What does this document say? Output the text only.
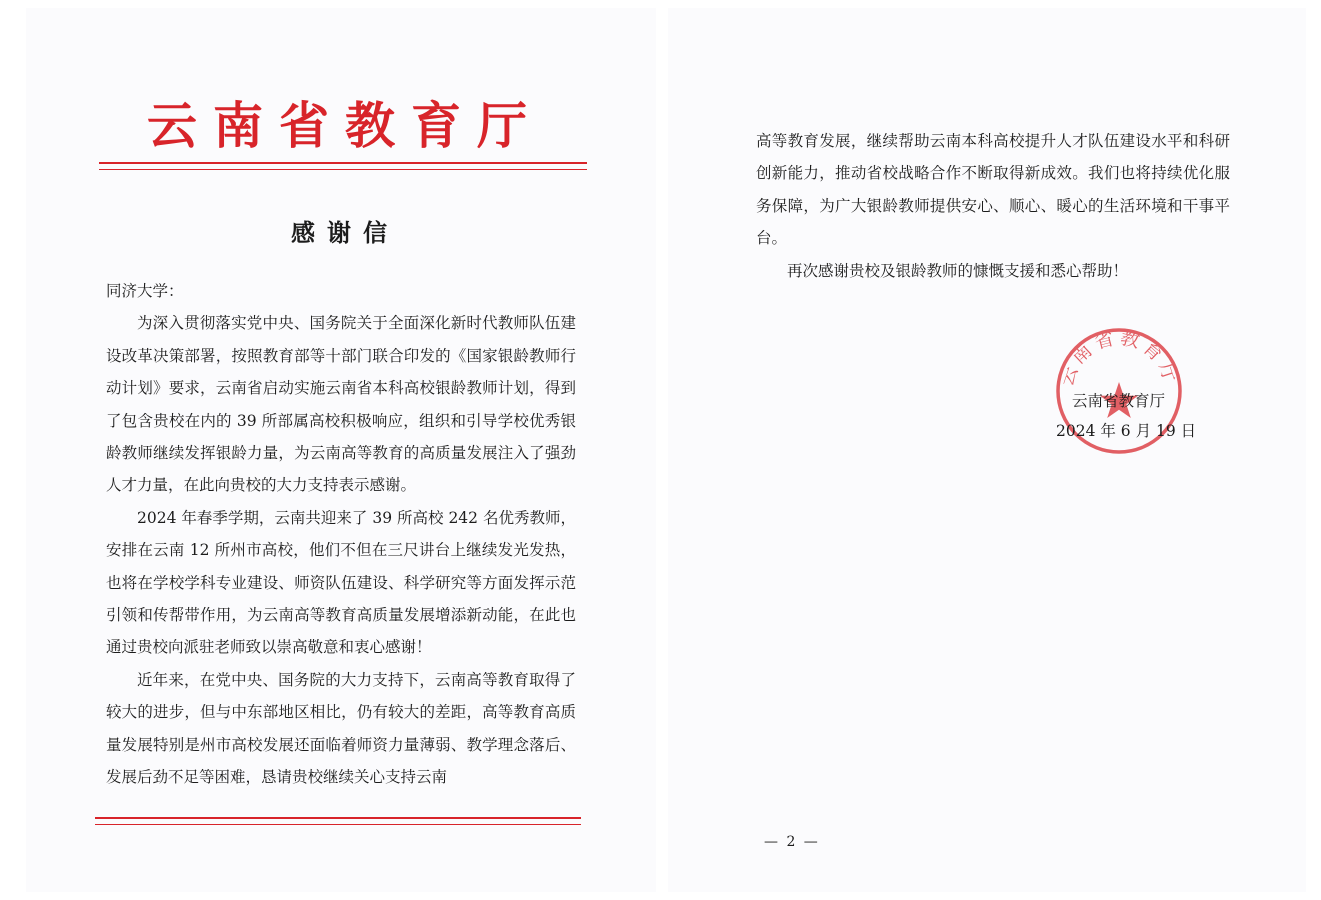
云南省教育厅
感谢信

同济大学：

为深入贯彻落实党中央、国务院关于全面深化新时代教师队伍建设改革决策部署，按照教育部等十部门联合印发的《国家银龄教师行动计划》要求，云南省启动实施云南省本科高校银龄教师计划，得到了包含贵校在内的 39 所部属高校积极响应，组织和引导学校优秀银龄教师继续发挥银龄力量，为云南高等教育的高质量发展注入了强劲人才力量，在此向贵校的大力支持表示感谢。

2024 年春季学期，云南共迎来了 39 所高校 242 名优秀教师，安排在云南 12 所州市高校，他们不但在三尺讲台上继续发光发热，也将在学校学科专业建设、师资队伍建设、科学研究等方面发挥示范引领和传帮带作用，为云南高等教育高质量发展增添新动能，在此也通过贵校向派驻老师致以崇高敬意和衷心感谢！

近年来，在党中央、国务院的大力支持下，云南高等教育取得了较大的进步，但与中东部地区相比，仍有较大的差距，高等教育高质量发展特别是州市高校发展还面临着师资力量薄弱、教学理念落后、发展后劲不足等困难，恳请贵校继续关心支持云南

高等教育发展，继续帮助云南本科高校提升人才队伍建设水平和科研创新能力，推动省校战略合作不断取得新成效。我们也将持续优化服务保障，为广大银龄教师提供安心、顺心、暖心的生活环境和干事平台。

再次感谢贵校及银龄教师的慷慨支援和悉心帮助！

云南省教育厅
云南省教育厅
2024 年 6 月 19 日
— 2 —
